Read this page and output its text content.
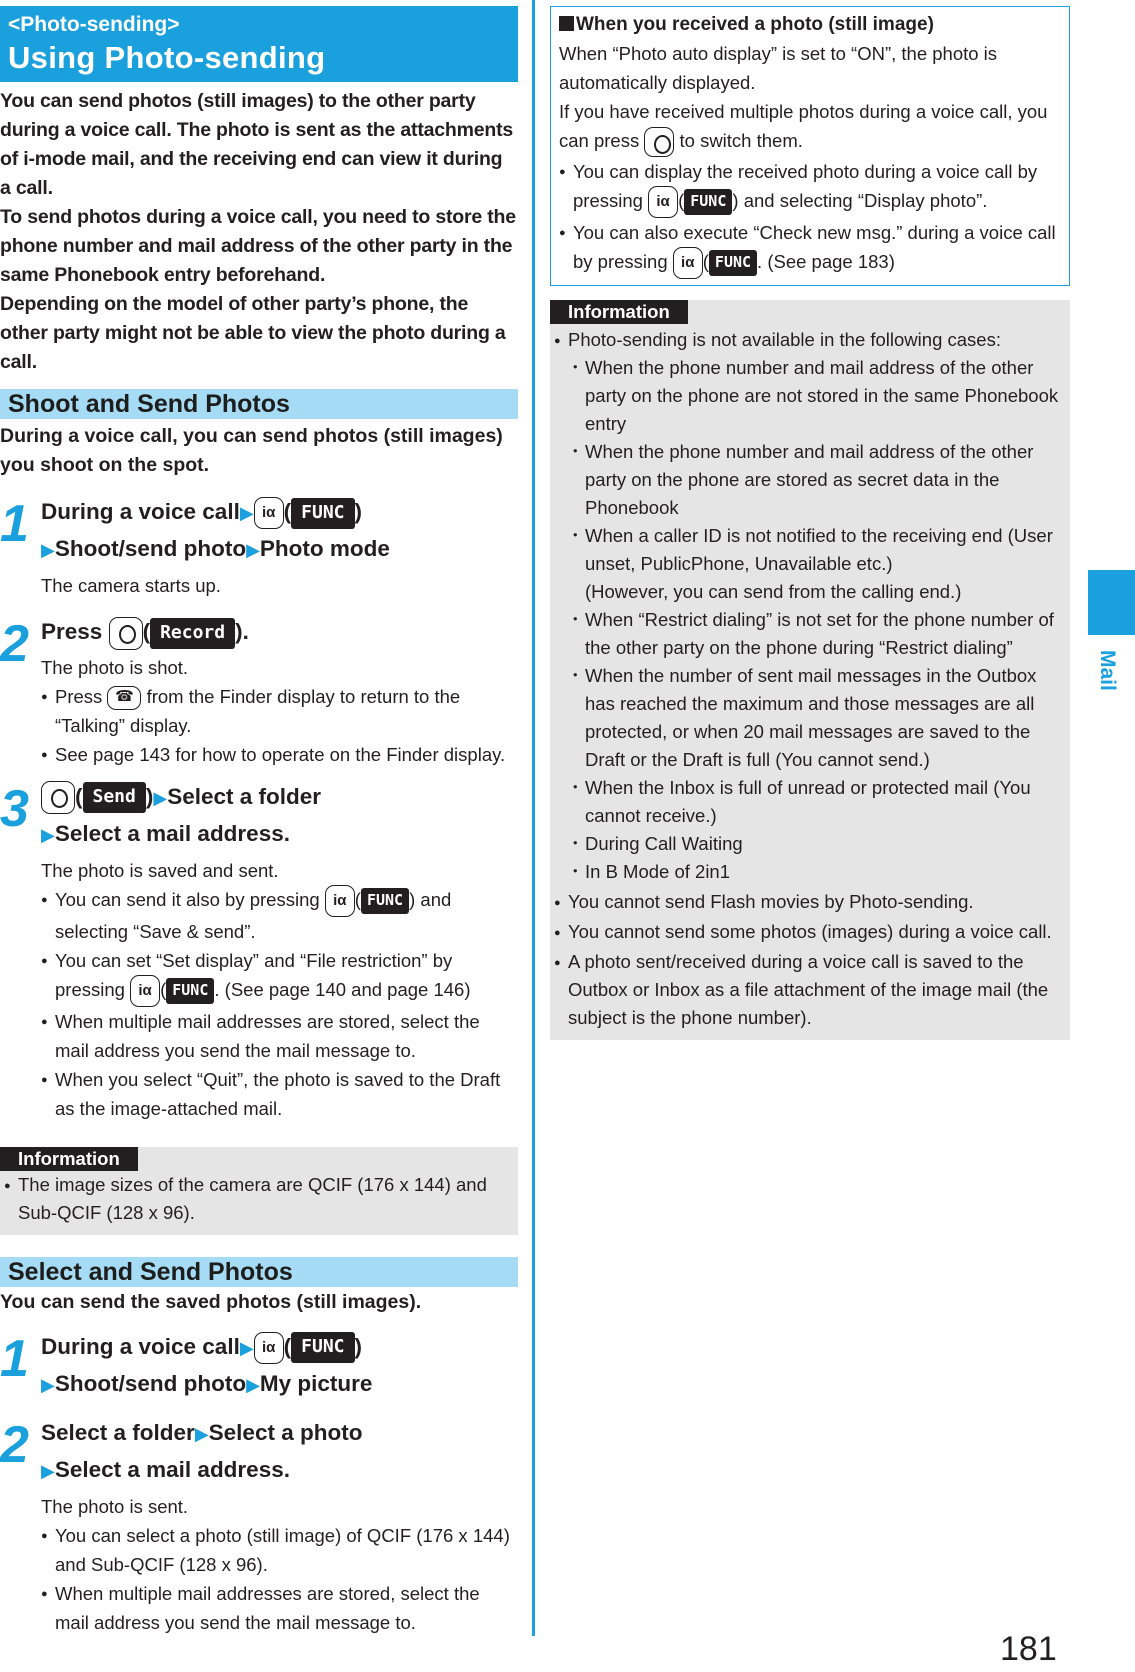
<Photo-sending>
Using Photo-sending
You can send photos (still images) to the other party during a voice call. The photo is sent as the attachments of i-mode mail, and the receiving end can view it during a call.
To send photos during a voice call, you need to store the phone number and mail address of the other party in the same Phonebook entry beforehand.
Depending on the model of other party’s phone, the other party might not be able to view the photo during a call.
Shoot and Send Photos
During a voice call, you can send photos (still images) you shoot on the spot.
1 During a voice call▶ iα ( FUNC )
▶Shoot/send photo▶Photo mode
The camera starts up.
2 Press ( Record ).
The photo is shot.
● Press ☎ from the Finder display to return to the “Talking” display.
● See page 143 for how to operate on the Finder display.
3	( Send )▶Select a folder
▶Select a mail address.
The photo is saved and sent.
● You can send it also by pressing iα ( FUNC ) and selecting “Save & send”.
● You can set “Set display” and “File restriction” by pressing iα ( FUNC . (See page 140 and page 146)
● When multiple mail addresses are stored, select the mail address you send the mail message to.
● When you select “Quit”, the photo is saved to the Draft as the image-attached mail.
Information
● The image sizes of the camera are QCIF (176 x 144) and Sub-QCIF (128 x 96).
Select and Send Photos
You can send the saved photos (still images).
1 During a voice call▶ iα ( FUNC )
▶Shoot/send photo▶My picture
2 Select a folder▶Select a photo
▶Select a mail address.
The photo is sent.
● You can select a photo (still image) of QCIF (176 x 144) and Sub-QCIF (128 x 96).
● When multiple mail addresses are stored, select the mail address you send the mail message to.
When you received a photo (still image)
When “Photo auto display” is set to “ON”, the photo is automatically displayed.
If you have received multiple photos during a voice call, you can press to switch them.
● You can display the received photo during a voice call by pressing iα ( FUNC ) and selecting “Display photo”.
● You can also execute “Check new msg.” during a voice call by pressing iα ( FUNC . (See page 183)
Information
● Photo-sending is not available in the following cases:
・ When the phone number and mail address of the other party on the phone are not stored in the same Phonebook entry
・ When the phone number and mail address of the other party on the phone are stored as secret data in the Phonebook
・ When a caller ID is not notified to the receiving end (User unset, PublicPhone, Unavailable etc.)
(However, you can send from the calling end.)
・ When “Restrict dialing” is not set for the phone number of the other party on the phone during “Restrict dialing”
・ When the number of sent mail messages in the Outbox has reached the maximum and those messages are all protected, or when 20 mail messages are saved to the Draft or the Draft is full (You cannot send.)
・ When the Inbox is full of unread or protected mail (You cannot receive.)
・ During Call Waiting
・ In B Mode of 2in1
● You cannot send Flash movies by Photo-sending.
● You cannot send some photos (images) during a voice call.
● A photo sent/received during a voice call is saved to the Outbox or Inbox as a file attachment of the image mail (the subject is the phone number).
Mail
181
